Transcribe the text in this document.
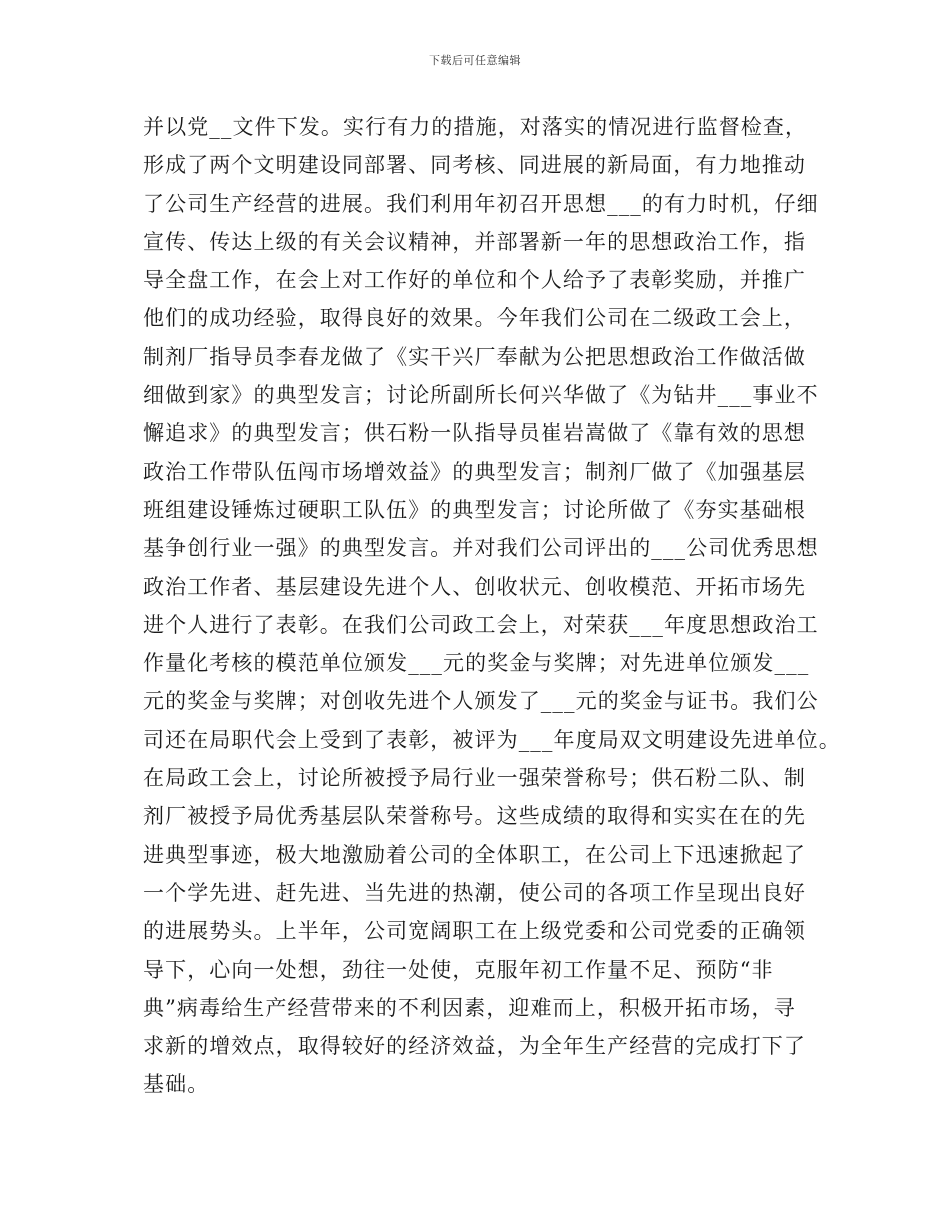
下载后可任意编辑
并以党__文件下发。实行有力的措施，对落实的情况进行监督检查，
形成了两个文明建设同部署、同考核、同进展的新局面，有力地推动
了公司生产经营的进展。我们利用年初召开思想___的有力时机，仔细
宣传、传达上级的有关会议精神，并部署新一年的思想政治工作，指
导全盘工作，在会上对工作好的单位和个人给予了表彰奖励，并推广
他们的成功经验，取得良好的效果。今年我们公司在二级政工会上，
制剂厂指导员李春龙做了《实干兴厂奉献为公把思想政治工作做活做
细做到家》的典型发言；讨论所副所长何兴华做了《为钻井___事业不
懈追求》的典型发言；供石粉一队指导员崔岩嵩做了《靠有效的思想
政治工作带队伍闯市场增效益》的典型发言；制剂厂做了《加强基层
班组建设锤炼过硬职工队伍》的典型发言；讨论所做了《夯实基础根
基争创行业一强》的典型发言。并对我们公司评出的___公司优秀思想
政治工作者、基层建设先进个人、创收状元、创收模范、开拓市场先
进个人进行了表彰。在我们公司政工会上，对荣获___年度思想政治工
作量化考核的模范单位颁发___元的奖金与奖牌；对先进单位颁发___
元的奖金与奖牌；对创收先进个人颁发了___元的奖金与证书。我们公
司还在局职代会上受到了表彰，被评为___年度局双文明建设先进单位。
在局政工会上，讨论所被授予局行业一强荣誉称号；供石粉二队、制
剂厂被授予局优秀基层队荣誉称号。这些成绩的取得和实实在在的先
进典型事迹，极大地激励着公司的全体职工，在公司上下迅速掀起了
一个学先进、赶先进、当先进的热潮，使公司的各项工作呈现出良好
的进展势头。上半年，公司宽阔职工在上级党委和公司党委的正确领
导下，心向一处想，劲往一处使，克服年初工作量不足、预防“非
典”病毒给生产经营带来的不利因素，迎难而上，积极开拓市场，寻
求新的增效点，取得较好的经济效益，为全年生产经营的完成打下了
基础。
